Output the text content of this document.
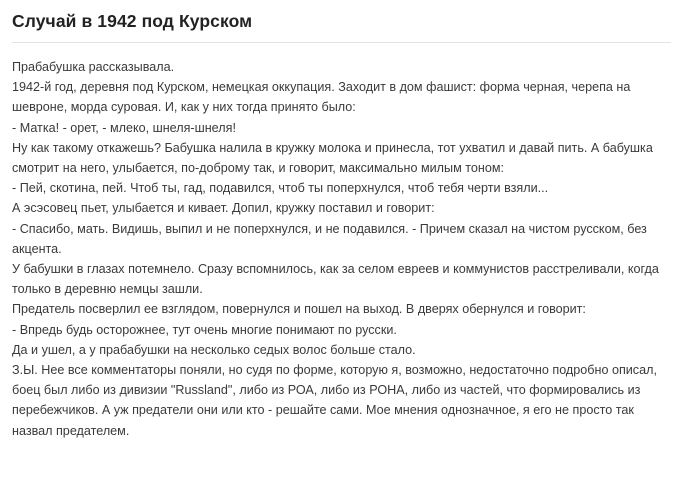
Случай в 1942 под Курском

Прабабушка рассказывала.

1942-й год, деревня под Курском, немецкая оккупация. Заходит в дом фашист: форма черная, черепа на шевроне, морда суровая. И, как у них тогда принято было:

- Матка! - орет, - млеко, шнеля-шнеля!

Ну как такому откажешь? Бабушка налила в кружку молока и принесла, тот ухватил и давай пить. А бабушка смотрит на него, улыбается, по-доброму так, и говорит, максимально милым тоном:

- Пей, скотина, пей. Чтоб ты, гад, подавился, чтоб ты поперхнулся, чтоб тебя черти взяли...

А эсэсовец пьет, улыбается и кивает. Допил, кружку поставил и говорит:

- Спасибо, мать. Видишь, выпил и не поперхнулся, и не подавился. - Причем сказал на чистом русском, без акцента.

У бабушки в глазах потемнело. Сразу вспомнилось, как за селом евреев и коммунистов расстреливали, когда только в деревню немцы зашли.

Предатель посверлил ее взглядом, повернулся и пошел на выход. В дверях обернулся и говорит:

- Впредь будь осторожнее, тут очень многие понимают по русски.

Да и ушел, а у прабабушки на несколько седых волос больше стало.

З.Ы. Нее все комментаторы поняли, но судя по форме, которую я, возможно, недостаточно подробно описал, боец был либо из дивизии "Russland", либо из РОА, либо из РОНА, либо из частей, что формировались из перебежчиков. А уж предатели они или кто - решайте сами. Мое мнения однозначное, я его не просто так назвал предателем.
